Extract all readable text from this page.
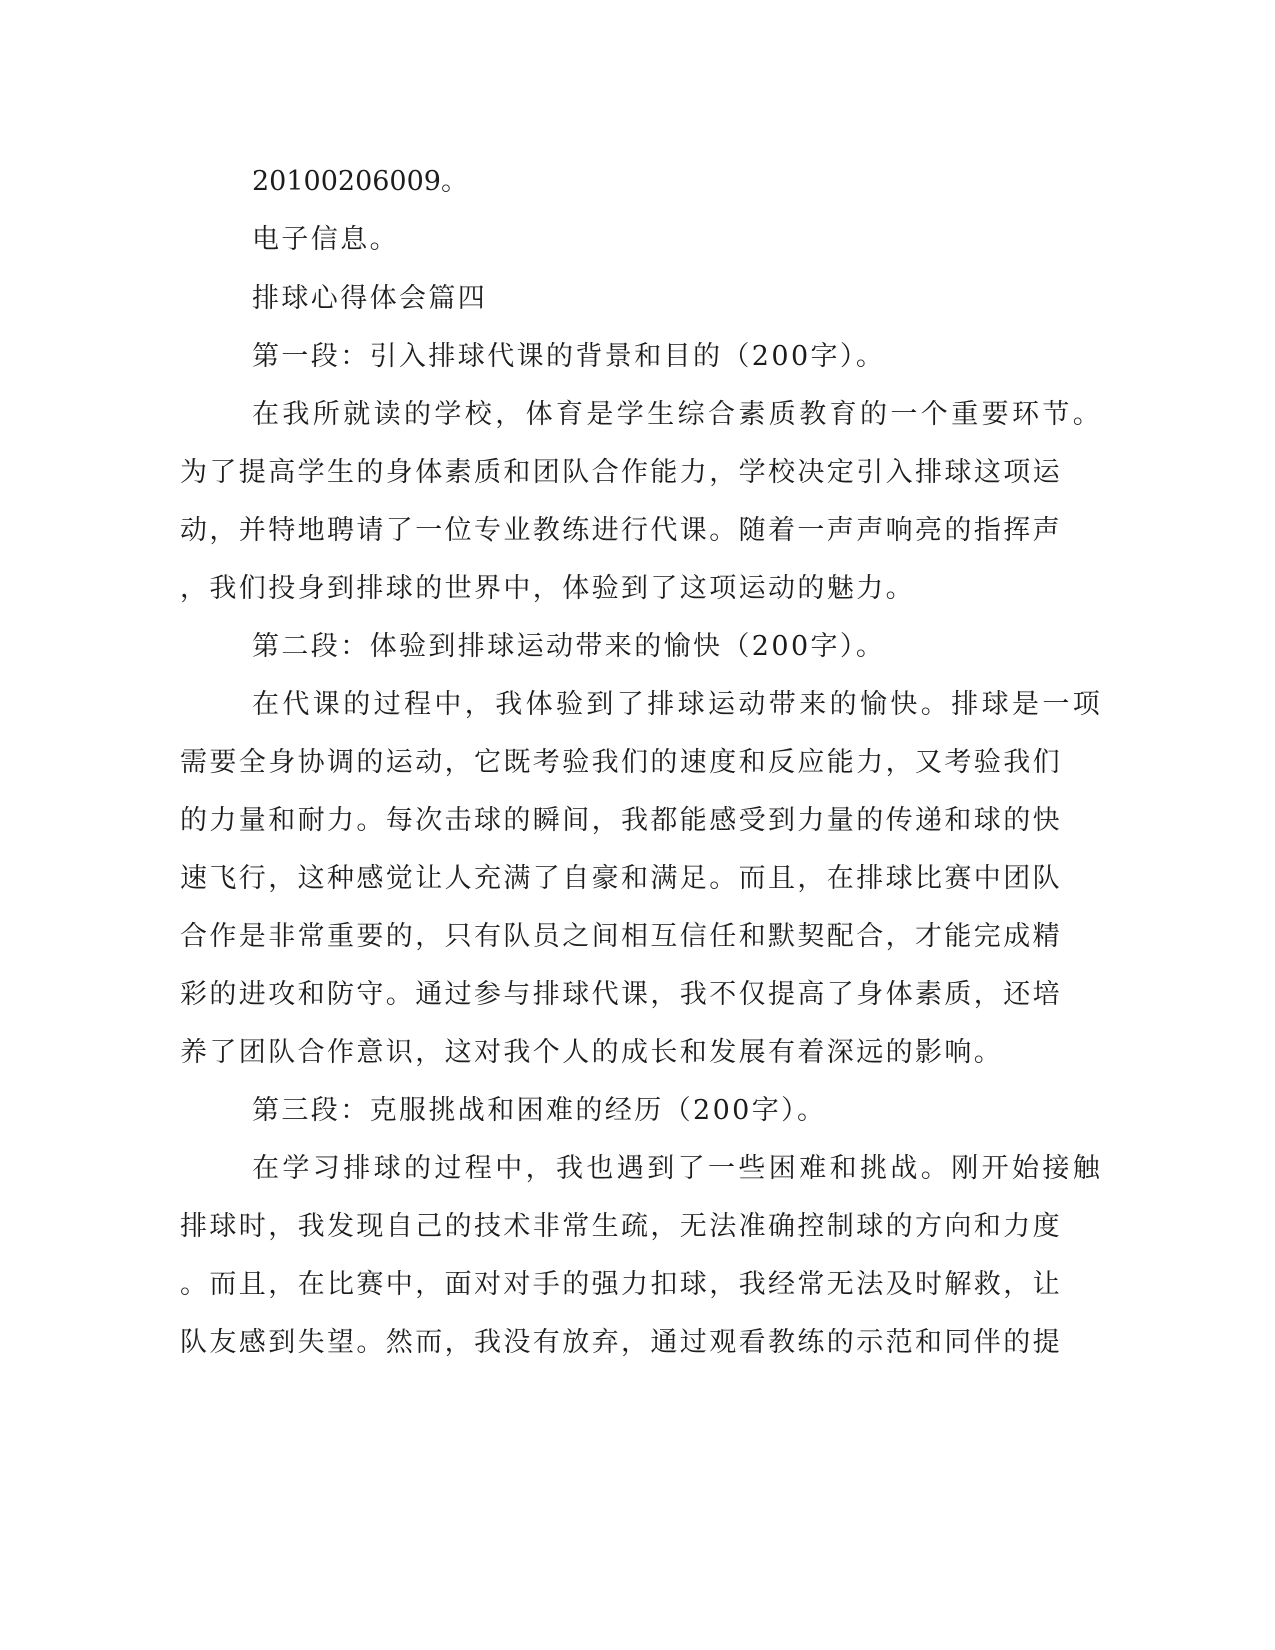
20100206009。

电子信息。

排球心得体会篇四

第一段：引入排球代课的背景和目的（200字）。

在我所就读的学校，体育是学生综合素质教育的一个重要环节。

为了提高学生的身体素质和团队合作能力，学校决定引入排球这项运

动，并特地聘请了一位专业教练进行代课。随着一声声响亮的指挥声

，我们投身到排球的世界中，体验到了这项运动的魅力。

第二段：体验到排球运动带来的愉快（200字）。

在代课的过程中，我体验到了排球运动带来的愉快。排球是一项

需要全身协调的运动，它既考验我们的速度和反应能力，又考验我们

的力量和耐力。每次击球的瞬间，我都能感受到力量的传递和球的快

速飞行，这种感觉让人充满了自豪和满足。而且，在排球比赛中团队

合作是非常重要的，只有队员之间相互信任和默契配合，才能完成精

彩的进攻和防守。通过参与排球代课，我不仅提高了身体素质，还培

养了团队合作意识，这对我个人的成长和发展有着深远的影响。

第三段：克服挑战和困难的经历（200字）。

在学习排球的过程中，我也遇到了一些困难和挑战。刚开始接触

排球时，我发现自己的技术非常生疏，无法准确控制球的方向和力度

。而且，在比赛中，面对对手的强力扣球，我经常无法及时解救，让

队友感到失望。然而，我没有放弃，通过观看教练的示范和同伴的提
